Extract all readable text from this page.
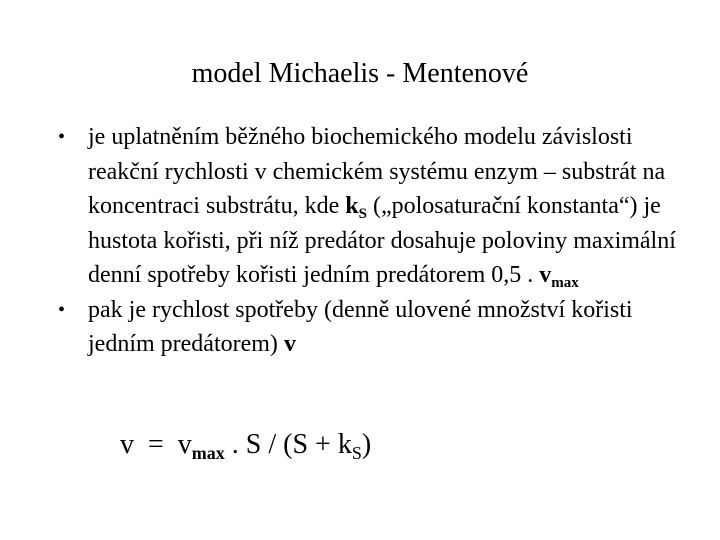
model Michaelis - Mentenové
• je uplatněním běžného biochemického modelu závislosti reakční rychlosti v chemickém systému enzym – substrát na koncentraci substrátu, kde $k_S$ („polosaturační konstanta“) je hustota kořisti, při níž predátor dosahuje poloviny maximální denní spotřeby kořisti jedním predátorem 0,5 . $v_{max}$
• pak je rychlost spotřeby (denně ulovené množství kořisti jedním predátorem) v
$v = v_{max}$ . $S / (S + k_S)$
